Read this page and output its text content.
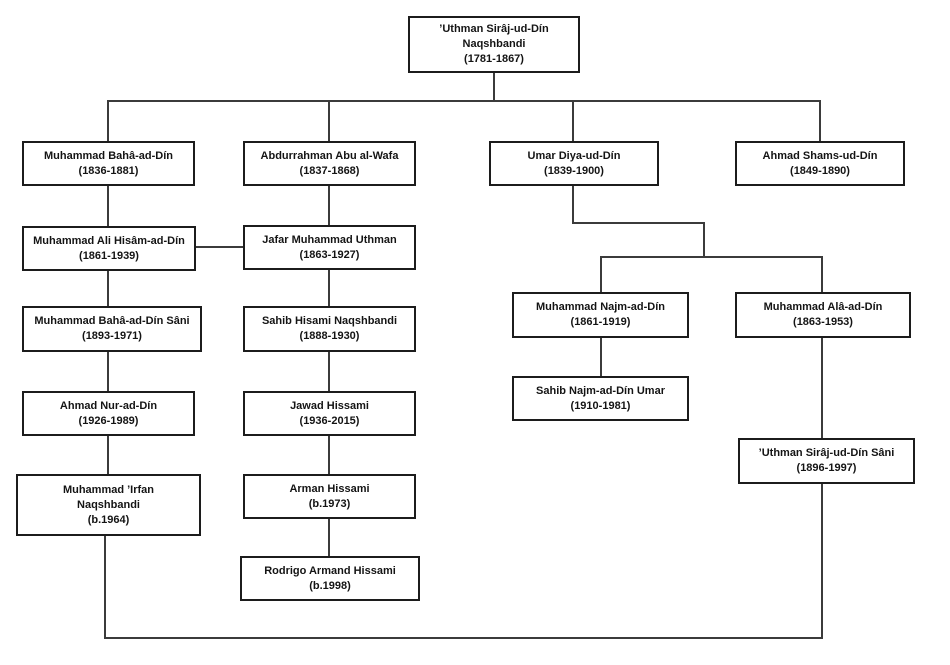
’Uthman Sirâj-ud-Dín Naqshbandi
(1781-1867)
Muhammad Bahâ-ad-Dín
(1836-1881)
Abdurrahman Abu al-Wafa
(1837-1868)
Umar Diya-ud-Dín
(1839-1900)
Ahmad Shams-ud-Dín
(1849-1890)
Muhammad Ali Hisâm-ad-Dín
(1861-1939)
Jafar Muhammad Uthman
(1863-1927)
Muhammad Bahâ-ad-Dín Sâni
(1893-1971)
Sahib Hisami Naqshbandi
(1888-1930)
Ahmad Nur-ad-Dín
(1926-1989)
Jawad Hissami
(1936-2015)
Muhammad ’Irfan Naqshbandi
(b.1964)
Arman Hissami
(b.1973)
Rodrigo Armand Hissami
(b.1998)
Muhammad Najm-ad-Dín
(1861-1919)
Sahib Najm-ad-Dín Umar
(1910-1981)
Muhammad Alâ-ad-Dín
(1863-1953)
’Uthman Sirâj-ud-Dín Sâni
(1896-1997)
